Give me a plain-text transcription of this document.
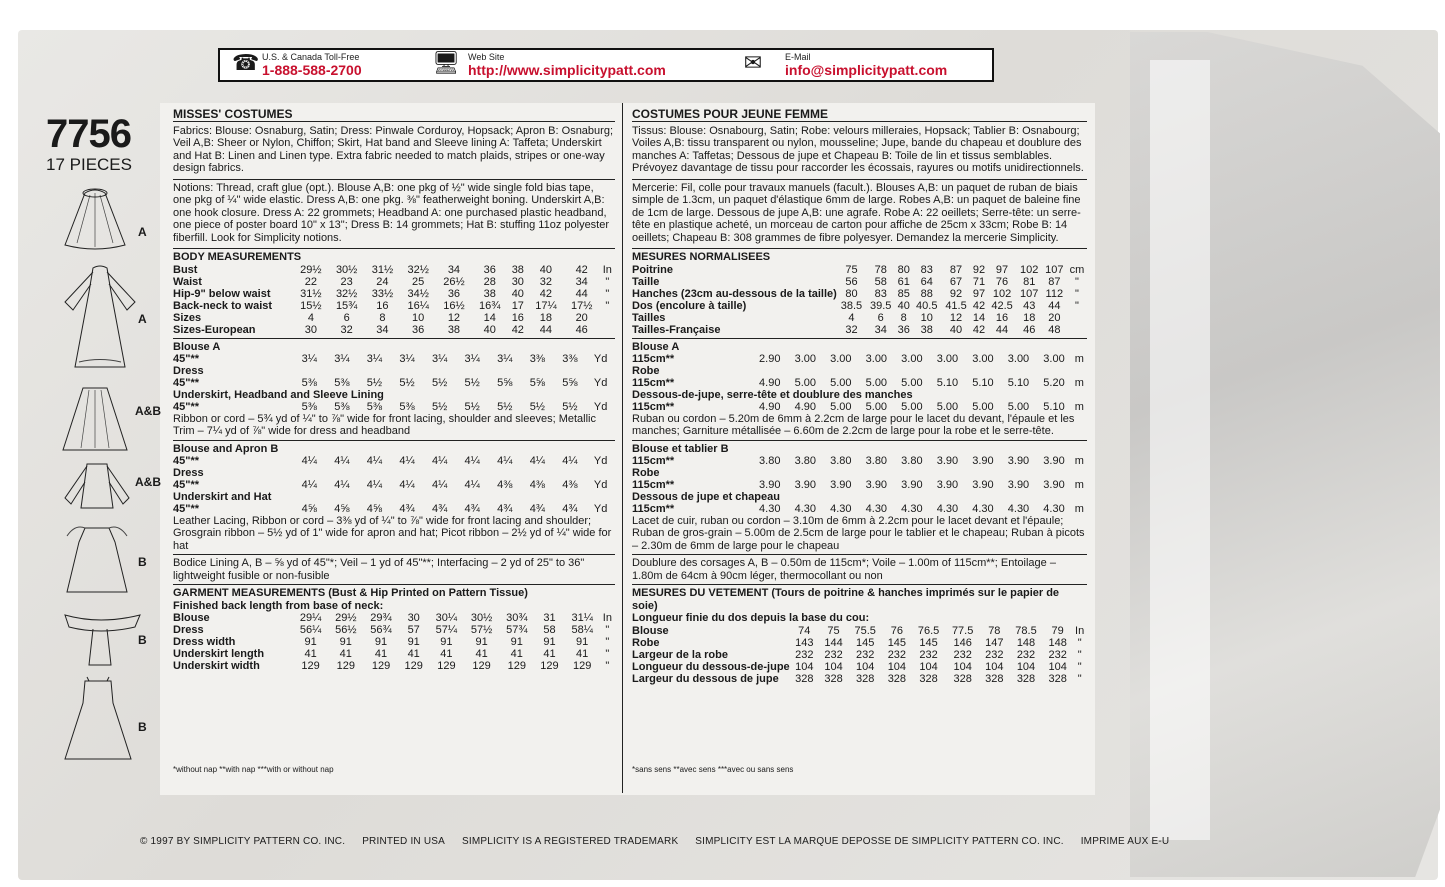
☎ U.S. & Canada Toll-Free
1-888-588-2700	🖥 Web Site
http://www.simplicitypatt.com	✉	E-Mail
info@simplicitypatt.com
7756
17 PIECES
A
A
A&B
A&B
B
B
B
MISSES' COSTUMES

Fabrics: Blouse: Osnaburg, Satin; Dress: Pinwale Corduroy, Hopsack; Apron B: Osnaburg; Veil A,B: Sheer or Nylon, Chiffon; Skirt, Hat band and Sleeve lining A: Taffeta; Underskirt and Hat B: Linen and Linen type. Extra fabric needed to match plaids, stripes or one-way design fabrics.

Notions: Thread, craft glue (opt.). Blouse A,B: one pkg of ½" wide single fold bias tape, one pkg of ¼" wide elastic. Dress A,B: one pkg. ⅜" featherweight boning. Underskirt A,B: one hook closure. Dress A: 22 grommets; Headband A: one purchased plastic headband, one piece of poster board 10" x 13"; Dress B: 14 grommets; Hat B: stuffing 11oz polyester fiberfill. Look for Simplicity notions.

BODY MEASUREMENTS
Bust	29½	30½	31½	32½	34	36	38	40	42	In
Waist	22	23	24	25	26½	28	30	32	34	"
Hip-9" below waist	31½	32½	33½	34½	36	38	40	42	44	"
Back-neck to waist	15½	15¾	16	16¼	16½	16¾	17	17¼	17½	"
Sizes	4	6	8	10	12	14	16	18	20	
Sizes-European	30	32	34	36	38	40	42	44	46	
Blouse A										
45"**	3¼	3¼	3¼	3¼	3¼	3¼	3¼	3⅜	3⅜	Yd
Dress										
45"**	5⅜	5⅜	5½	5½	5½	5½	5⅝	5⅝	5⅝	Yd
Underskirt, Headband and Sleeve Lining										
45"**	5⅜	5⅜	5⅜	5⅜	5½	5½	5½	5½	5½	Yd
Ribbon or cord – 5¾ yd of ¼" to ⅞" wide for front lacing, shoulder and sleeves; Metallic Trim – 7¼ yd of ⅞" wide for dress and headband
Blouse and Apron B										
45"**	4¼	4¼	4¼	4¼	4¼	4¼	4¼	4¼	4¼	Yd
Dress										
45"**	4¼	4¼	4¼	4¼	4¼	4¼	4⅜	4⅜	4⅜	Yd
Underskirt and Hat										
45"**	4⅝	4⅝	4⅝	4¾	4¾	4¾	4¾	4¾	4¾	Yd
Leather Lacing, Ribbon or cord – 3⅜ yd of ¼" to ⅞" wide for front lacing and shoulder; Grosgrain ribbon – 5½ yd of 1" wide for apron and hat; Picot ribbon – 2½ yd of ¼" wide for hat
Bodice Lining A, B – ⅝ yd of 45"*; Veil – 1 yd of 45"**; Interfacing – 2 yd of 25" to 36" lightweight fusible or non-fusible
GARMENT MEASUREMENTS (Bust & Hip Printed on Pattern Tissue)
Finished back length from base of neck:
Blouse	29¼	29½	29¾	30	30¼	30½	30¾	31	31¼	In
Dress	56¼	56½	56¾	57	57¼	57½	57¾	58	58¼	"
Dress width	91	91	91	91	91	91	91	91	91	"
Underskirt length	41	41	41	41	41	41	41	41	41	"
Underskirt width	129	129	129	129	129	129	129	129	129	"
*without nap **with nap ***with or without nap
COSTUMES POUR JEUNE FEMME

Tissus: Blouse: Osnabourg, Satin; Robe: velours milleraies, Hopsack; Tablier B: Osnabourg; Voiles A,B: tissu transparent ou nylon, mousseline; Jupe, bande du chapeau et doublure des manches A: Taffetas; Dessous de jupe et Chapeau B: Toile de lin et tissus semblables. Prévoyez davantage de tissu pour raccorder les écossais, rayures ou motifs unidirectionnels.

Mercerie: Fil, colle pour travaux manuels (facult.). Blouses A,B: un paquet de ruban de biais simple de 1.3cm, un paquet d'élastique 6mm de large. Robes A,B: un paquet de baleine fine de 1cm de large. Dessous de jupe A,B: une agrafe. Robe A: 22 oeillets; Serre-tête: un serre-tête en plastique acheté, un morceau de carton pour affiche de 25cm x 33cm; Robe B: 14 oeillets; Chapeau B: 308 grammes de fibre polyesyer. Demandez la mercerie Simplicity.

MESURES NORMALISEES
Poitrine	75	78	80	83	87	92	97	102	107	cm
Taille	56	58	61	64	67	71	76	81	87	"
Hanches (23cm au-dessous de la taille)	80	83	85	88	92	97	102	107	112	"
Dos (encolure à taille)	38.5	39.5	40	40.5	41.5	42	42.5	43	44	"
Tailles	4	6	8	10	12	14	16	18	20	
Tailles-Française	32	34	36	38	40	42	44	46	48	
Blouse A										
115cm**	2.90	3.00	3.00	3.00	3.00	3.00	3.00	3.00	3.00	m
Robe										
115cm**	4.90	5.00	5.00	5.00	5.00	5.10	5.10	5.10	5.20	m
Dessous-de-jupe, serre-tête et doublure des manches										
115cm**	4.90	4.90	5.00	5.00	5.00	5.00	5.00	5.00	5.10	m
Ruban ou cordon – 5.20m de 6mm à 2.2cm de large pour le lacet du devant, l'épaule et les manches; Garniture métallisée – 6.60m de 2.2cm de large pour la robe et le serre-tête.
Blouse et tablier B										
115cm**	3.80	3.80	3.80	3.80	3.80	3.90	3.90	3.90	3.90	m
Robe										
115cm**	3.90	3.90	3.90	3.90	3.90	3.90	3.90	3.90	3.90	m
Dessous de jupe et chapeau										
115cm**	4.30	4.30	4.30	4.30	4.30	4.30	4.30	4.30	4.30	m
Lacet de cuir, ruban ou cordon – 3.10m de 6mm à 2.2cm pour le lacet devant et l'épaule; Ruban de gros-grain – 5.00m de 2.5cm de large pour le tablier et le chapeau; Ruban à picots – 2.30m de 6mm de large pour le chapeau
Doublure des corsages A, B – 0.50m de 115cm*; Voile – 1.00m of 115cm**; Entoilage – 1.80m de 64cm à 90cm léger, thermocollant ou non
MESURES DU VETEMENT (Tours de poitrine & hanches imprimés sur le papier de soie)
Longueur finie du dos depuis la base du cou:
Blouse	74	75	75.5	76	76.5	77.5	78	78.5	79	In
Robe	143	144	145	145	145	146	147	148	148	"
Largeur de la robe	232	232	232	232	232	232	232	232	232	"
Longueur du dessous-de-jupe	104	104	104	104	104	104	104	104	104	"
Largeur du dessous de jupe	328	328	328	328	328	328	328	328	328	"
*sans sens **avec sens ***avec ou sans sens
© 1997 BY SIMPLICITY PATTERN CO. INC. PRINTED IN USA SIMPLICITY IS A REGISTERED TRADEMARK SIMPLICITY EST LA MARQUE DEPOSSE DE SIMPLICITY PATTERN CO. INC. IMPRIME AUX E-U
